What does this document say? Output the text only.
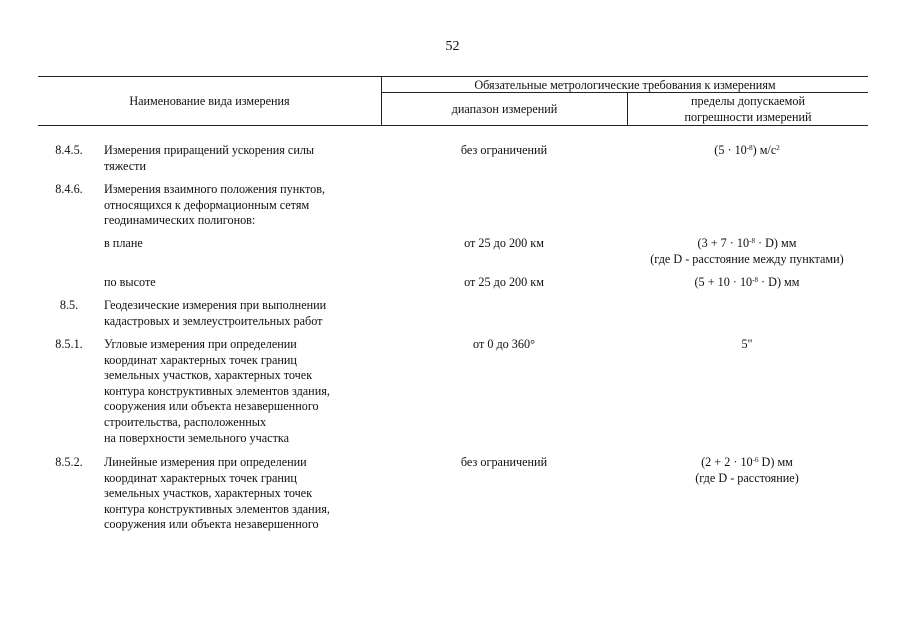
52
Наименование вида измерения
Обязательные метрологические требования к измерениям
диапазон измерений
пределы допускаемой
погрешности измерений
8.4.5.	Измерения приращений ускорения силы
тяжести
без ограничений	$(5 \cdot 10^{-8})$ $м/с^2$
8.4.6.	Измерения взаимного положения пунктов,
относящихся к деформационным сетям
геодинамических полигонов:
в плане	от 25 до 200 км	$(3 + 7 \cdot 10^{-8} \cdot D)$ мм
(где D - расстояние между пунктами)
по высоте	от 25 до 200 км	$(5 + 10 \cdot 10^{-8} \cdot D)$ мм
8.5.	Геодезические измерения при выполнении
кадастровых и землеустроительных работ
8.5.1.	Угловые измерения при определении
координат характерных точек границ
земельных участков, характерных точек
контура конструктивных элементов здания,
сооружения или объекта незавершенного
строительства, расположенных
на поверхности земельного участка
от 0 до 360°	5"
8.5.2.	Линейные измерения при определении
координат характерных точек границ
земельных участков, характерных точек
контура конструктивных элементов здания,
сооружения или объекта незавершенного
без ограничений	($2 + 2 \cdot 10^{-6}$ D) мм
(где D - расстояние)
